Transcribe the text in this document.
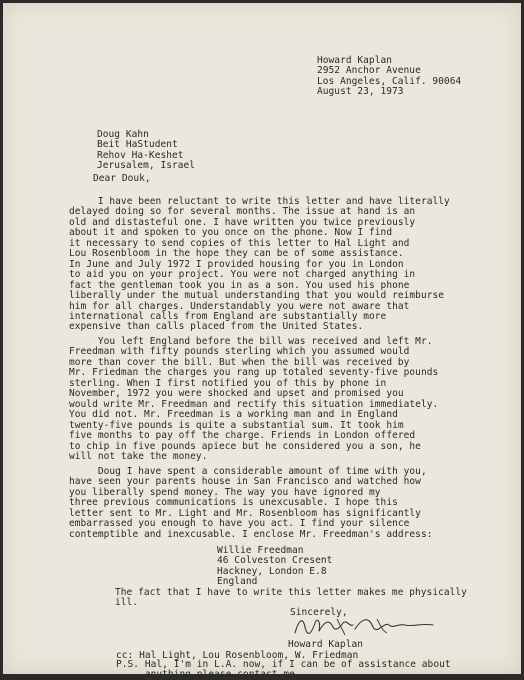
Howard Kaplan
2952 Anchor Avenue
Los Angeles, Calif. 90064
August 23, 1973
Doug Kahn
Beit HaStudent
Rehov Ha-Keshet
Jerusalem, Israel
Dear Douk,
I have been reluctant to write this letter and have literally
delayed doing so for several months. The issue at hand is an
old and distasteful one. I have written you twice previously
about it and spoken to you once on the phone. Now I find
it necessary to send copies of this letter to Hal Light and
Lou Rosenbloom in the hope they can be of some assistance.
In June and July 1972 I provided housing for you in London
to aid you on your project. You were not charged anything in
fact the gentleman took you in as a son. You used his phone
liberally under the mutual understanding that you would reimburse
him for all charges. Understandably you were not aware that
international calls from England are substantially more
expensive than calls placed from the United States.
You left England before the bill was received and left Mr.
Freedman with fifty pounds sterling which you assumed would
more than cover the bill. But when the bill was received by
Mr. Friedman the charges you rang up totaled seventy-five pounds
sterling. When I first notified you of this by phone in
November, 1972 you were shocked and upset and promised you
would write Mr. Freedman and rectify this situation immediately.
You did not. Mr. Freedman is a working man and in England
twenty-five pounds is quite a substantial sum. It took him
five months to pay off the charge. Friends in London offered
to chip in five pounds apiece but he considered you a son, he
will not take the money.
Doug I have spent a considerable amount of time with you,
have seen your parents house in San Francisco and watched how
you liberally spend money. The way you have ignored my
three previous communications is unexcusable. I hope this
letter sent to Mr. Light and Mr. Rosenbloom has significantly
embarrassed you enough to have you act. I find your silence
contemptible and inexcusable. I enclose Mr. Freedman's address:
Willie Freedman
46 Colveston Cresent
Hackney, London E.8
England
The fact that I have to write this letter makes me physically
ill.
Sincerely,
Howard Kaplan
cc: Hal Light, Lou Rosenbloom, W. Friedman
P.S. Hal, I'm in L.A. now, if I can be of assistance about
anything please contact me.
